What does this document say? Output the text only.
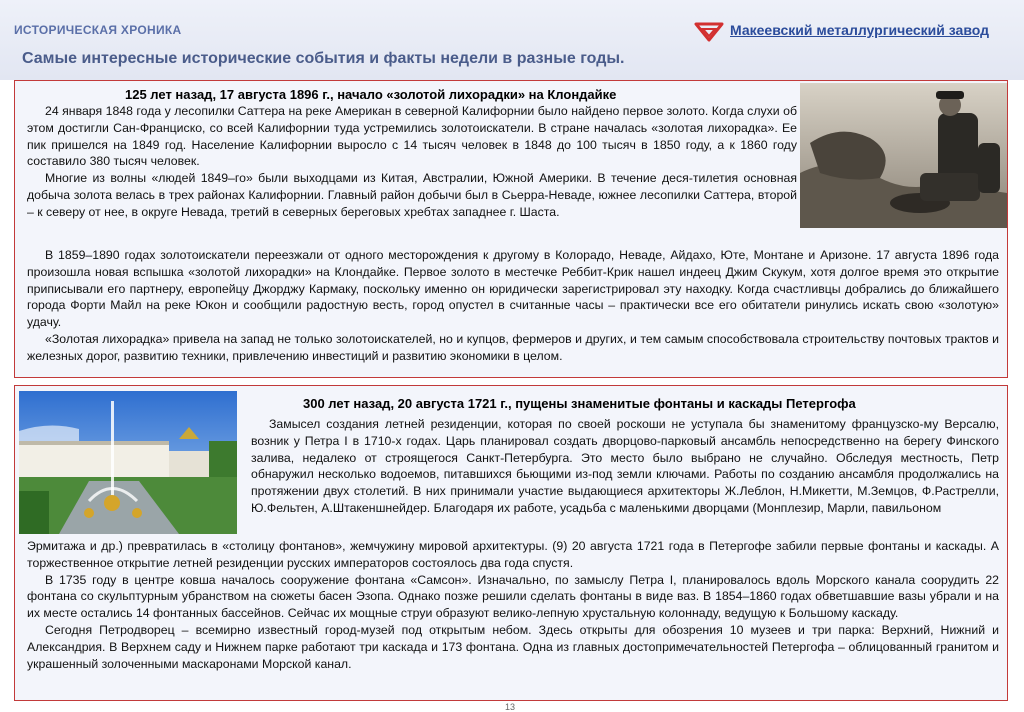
ИСТОРИЧЕСКАЯ ХРОНИКА	Макеевский металлургический завод
Самые интересные исторические события и факты недели в разные годы.
125 лет назад, 17 августа 1896 г., начало «золотой лихорадки» на Клондайке

24 января 1848 года у лесопилки Саттера на реке Американ в северной Калифорнии было найдено первое золото. Когда слухи об этом достигли Сан-Франциско, со всей Калифорнии туда устремились золотоискатели. В стране началась «золотая лихорадка». Ее пик пришелся на 1849 год. Население Калифорнии выросло с 14 тысяч человек в 1848 до 100 тысяч в 1850 году, а к 1860 году составило 380 тысяч человек.

Многие из волны «людей 1849–го» были выходцами из Китая, Австралии, Южной Америки. В течение деся-тилетия основная добыча золота велась в трех районах Калифорнии. Главный район добычи был в Сьерра-Неваде, южнее лесопилки Саттера, второй – к северу от нее, в округе Невада, третий в северных береговых хребтах западнее г. Шаста.

В 1859–1890 годах золотоискатели переезжали от одного месторождения к другому в Колорадо, Неваде, Айдахо, Юте, Монтане и Аризоне. 17 августа 1896 года произошла новая вспышка «золотой лихорадки» на Клондайке. Первое золото в местечке Реббит-Крик нашел индеец Джим Скукум, хотя долгое время это открытие приписывали его партнеру, европейцу Джорджу Кармаку, поскольку именно он юридически зарегистрировал эту находку. Когда счастливцы добрались до ближайшего города Форти Майл на реке Юкон и сообщили радостную весть, город опустел в считанные часы – практически все его обитатели ринулись искать свою «золотую» удачу.

«Золотая лихорадка» привела на запад не только золотоискателей, но и купцов, фермеров и других, и тем самым способствовала строительству почтовых трактов и железных дорог, развитию техники, привлечению инвестиций и развитию экономики в целом.

300 лет назад, 20 августа 1721 г., пущены знаменитые фонтаны и каскады Петергофа

Замысел создания летней резиденции, которая по своей роскоши не уступала бы знаменитому французско-му Версалю, возник у Петра I в 1710-х годах. Царь планировал создать дворцово-парковый ансамбль непосредственно на берегу Финского залива, недалеко от строящегося Санкт-Петербурга. Это место было выбрано не случайно. Обследуя местность, Петр обнаружил несколько водоемов, питавшихся бьющими из-под земли ключами. Работы по созданию ансамбля продолжались на протяжении двух столетий. В них принимали участие выдающиеся архитекторы Ж.Леблон, Н.Микетти, М.Земцов, Ф.Растрелли, Ю.Фельтен, А.Штакеншнейдер. Благодаря их работе, усадьба с маленькими дворцами (Монплезир, Марли, павильоном

Эрмитажа и др.) превратилась в «столицу фонтанов», жемчужину мировой архитектуры. (9) 20 августа 1721 года в Петергофе забили первые фонтаны и каскады. А торжественное открытие летней резиденции русских императоров состоялось два года спустя.

В 1735 году в центре ковша началось сооружение фонтана «Самсон». Изначально, по замыслу Петра I, планировалось вдоль Морского канала соорудить 22 фонтана со скульптурным убранством на сюжеты басен Эзопа. Однако позже решили сделать фонтаны в виде ваз. В 1854–1860 годах обветшавшие вазы убрали и на их месте остались 14 фонтанных бассейнов. Сейчас их мощные струи образуют велико-лепную хрустальную колоннаду, ведущую к Большому каскаду.

Сегодня Петродворец – всемирно известный город-музей под открытым небом. Здесь открыты для обозрения 10 музеев и три парка: Верхний, Нижний и Александрия. В Верхнем саду и Нижнем парке работают три каскада и 173 фонтана. Одна из главных достопримечательностей Петергофа – облицованный гранитом и украшенный золоченными маскаронами Морской канал.

13
